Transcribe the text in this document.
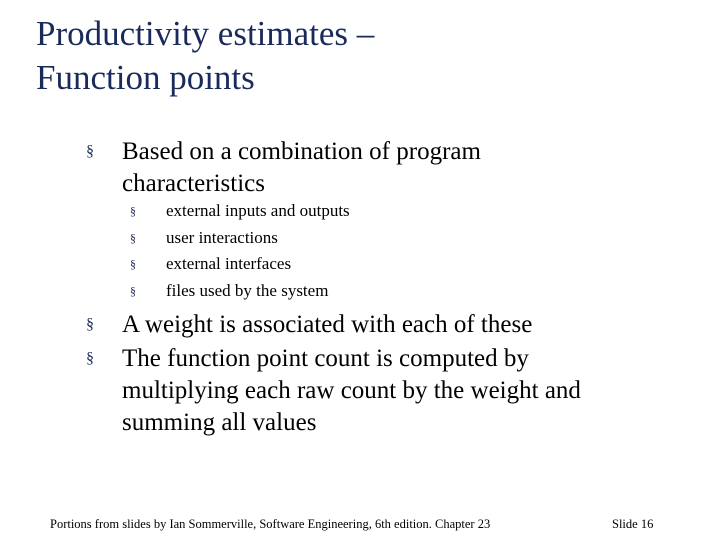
Productivity estimates –
Function points
§ Based on a combination of program
characteristics
§ external inputs and outputs
§ user interactions
§ external interfaces
§ files used by the system
§ A weight is associated with each of these
§ The function point count is computed by
multiplying each raw count by the weight and
summing all values
Portions from slides by Ian Sommerville, Software Engineering, 6th edition. Chapter 23	Slide 16
